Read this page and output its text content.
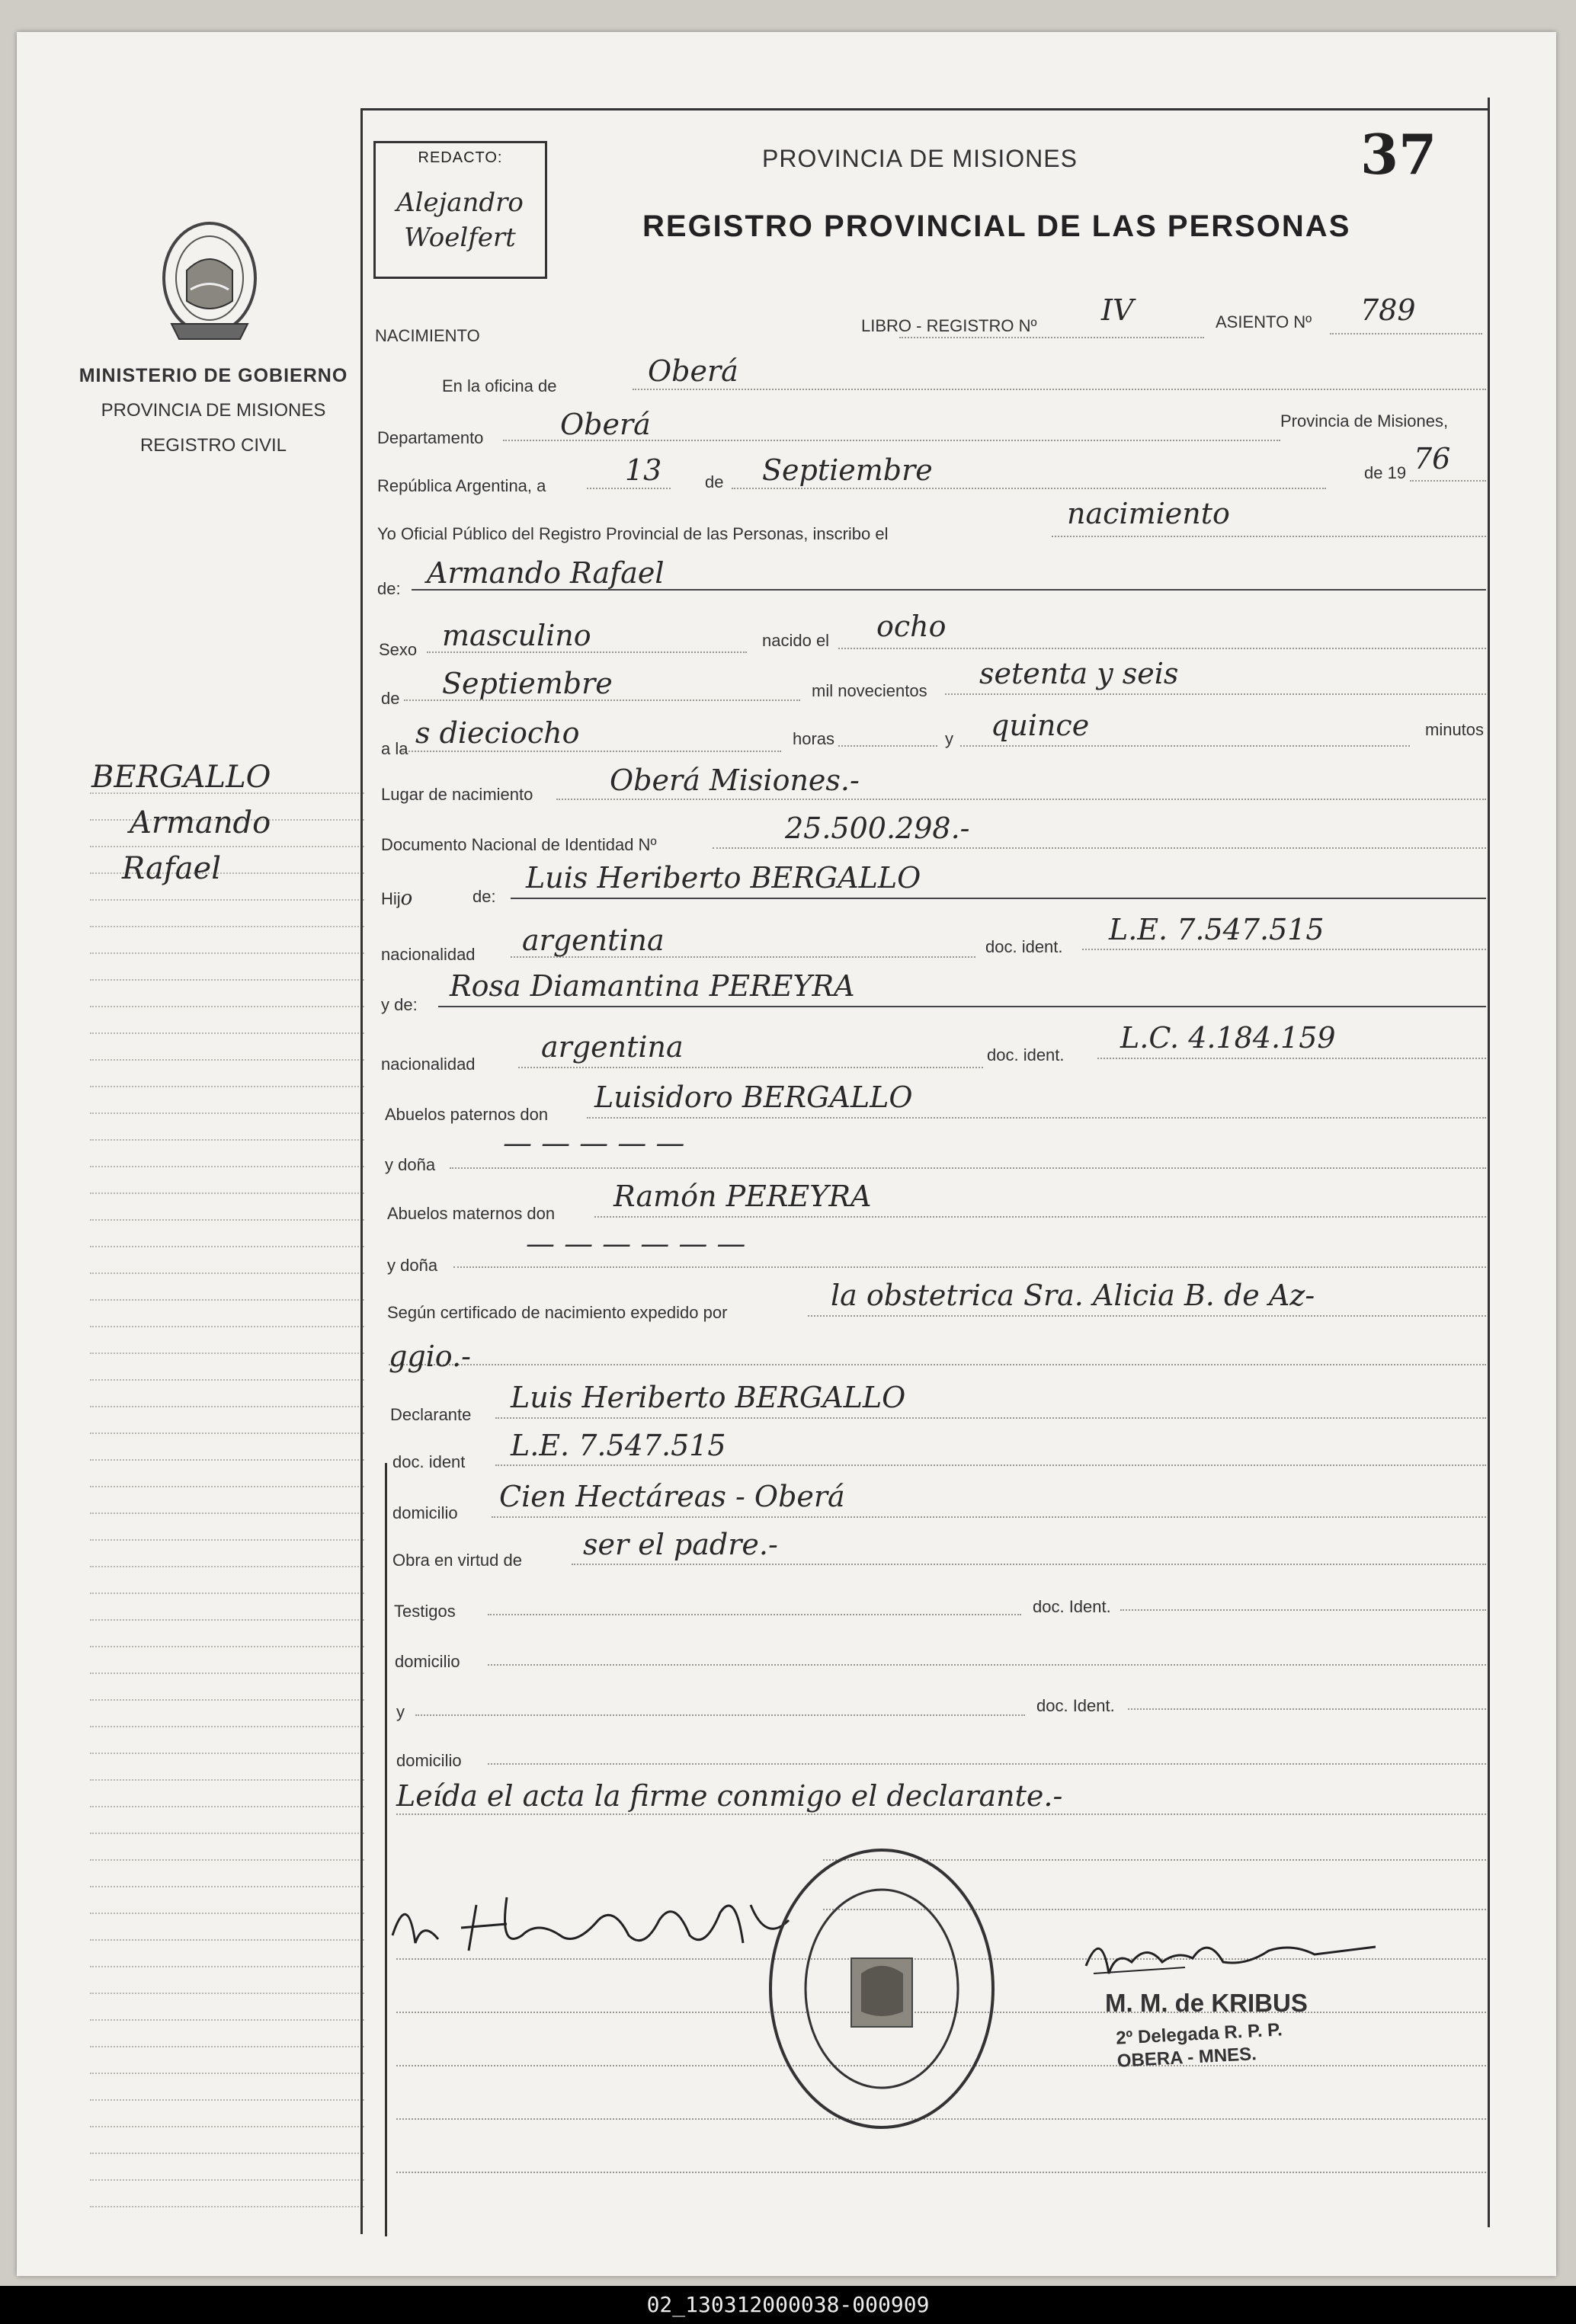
REDACTO:
Alejandro
Woelfert
PROVINCIA DE MISIONES	37
REGISTRO PROVINCIAL DE LAS PERSONAS
MINISTERIO DE GOBIERNO
PROVINCIA DE MISIONES
REGISTRO CIVIL
BERGALLO
Armando
Rafael
NACIMIENTO
LIBRO - REGISTRO Nº IV	ASIENTO Nº 789
En la oficina de	Oberá
Departamento	Oberá	Provincia de Misiones,
República Argentina, a	13	de Septiembre	de 19 76
Yo Oficial Público del Registro Provincial de las Personas, inscribo el
nacimiento
de: Armando Rafael
Sexo masculino	nacido el ocho
de Septiembre	mil novecientos
setenta y seis
a la s dieciocho	horas	y quince	minutos
Lugar de nacimiento	Oberá Misiones.-
Documento Nacional de Identidad Nº	25.500.298.-
Hijo	de:
Luis Heriberto BERGALLO
nacionalidad argentina	doc. ident.
L.E. 7.547.515
y de:
Rosa Diamantina PEREYRA
nacionalidad
argentina	doc. ident.
L.C. 4.184.159
Abuelos paternos don
Luisidoro BERGALLO
y doña
— — — — —
Abuelos maternos don
Ramón PEREYRA
y doña
— — — — — —
Según certificado de nacimiento expedido por
la obstetrica Sra. Alicia B. de Az-
ggio.-
Declarante
Luis Heriberto BERGALLO
doc. ident L.E. 7.547.515
domicilio Cien Hectáreas - Oberá
Obra en virtud de ser el padre.-
Testigos	doc. Ident.
domicilio
y	doc. Ident.
domicilio
Leída el acta la firme conmigo el declarante.-
M. M. de KRIBUS
2º Delegada R. P. P.
OBERA - MNES.
02_130312000038-000909
